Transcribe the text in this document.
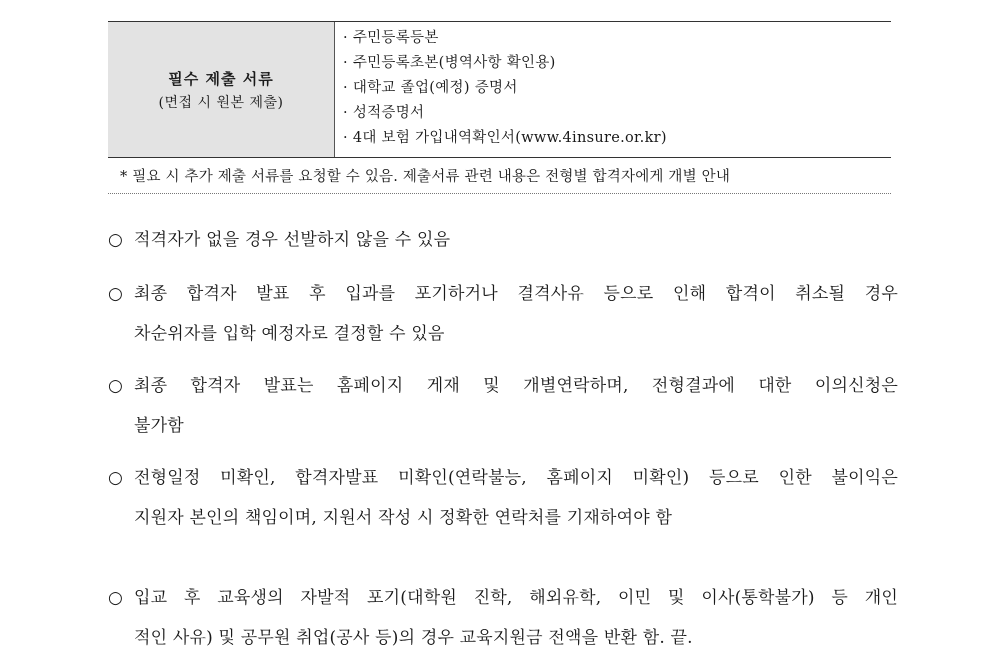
필수 제출 서류
(면접 시 원본 제출)
· 주민등록등본
· 주민등록초본(병역사항 확인용)
· 대학교 졸업(예정) 증명서
· 성적증명서
· 4대 보험 가입내역확인서(www.4insure.or.kr)
* 필요 시 추가 제출 서류를 요청할 수 있음. 제출서류 관련 내용은 전형별 합격자에게 개별 안내
○ 적격자가 없을 경우 선발하지 않을 수 있음
○ 최종 합격자 발표 후 입과를 포기하거나 결격사유 등으로 인해 합격이 취소될 경우
차순위자를 입학 예정자로 결정할 수 있음
○ 최종 합격자 발표는 홈페이지 게재 및 개별연락하며, 전형결과에 대한 이의신청은
불가함
○ 전형일정 미확인, 합격자발표 미확인(연락불능, 홈페이지 미확인) 등으로 인한 불이익은
지원자 본인의 책임이며, 지원서 작성 시 정확한 연락처를 기재하여야 함
○ 입교 후 교육생의 자발적 포기(대학원 진학, 해외유학, 이민 및 이사(통학불가) 등 개인
적인 사유) 및 공무원 취업(공사 등)의 경우 교육지원금 전액을 반환 함. 끝.
